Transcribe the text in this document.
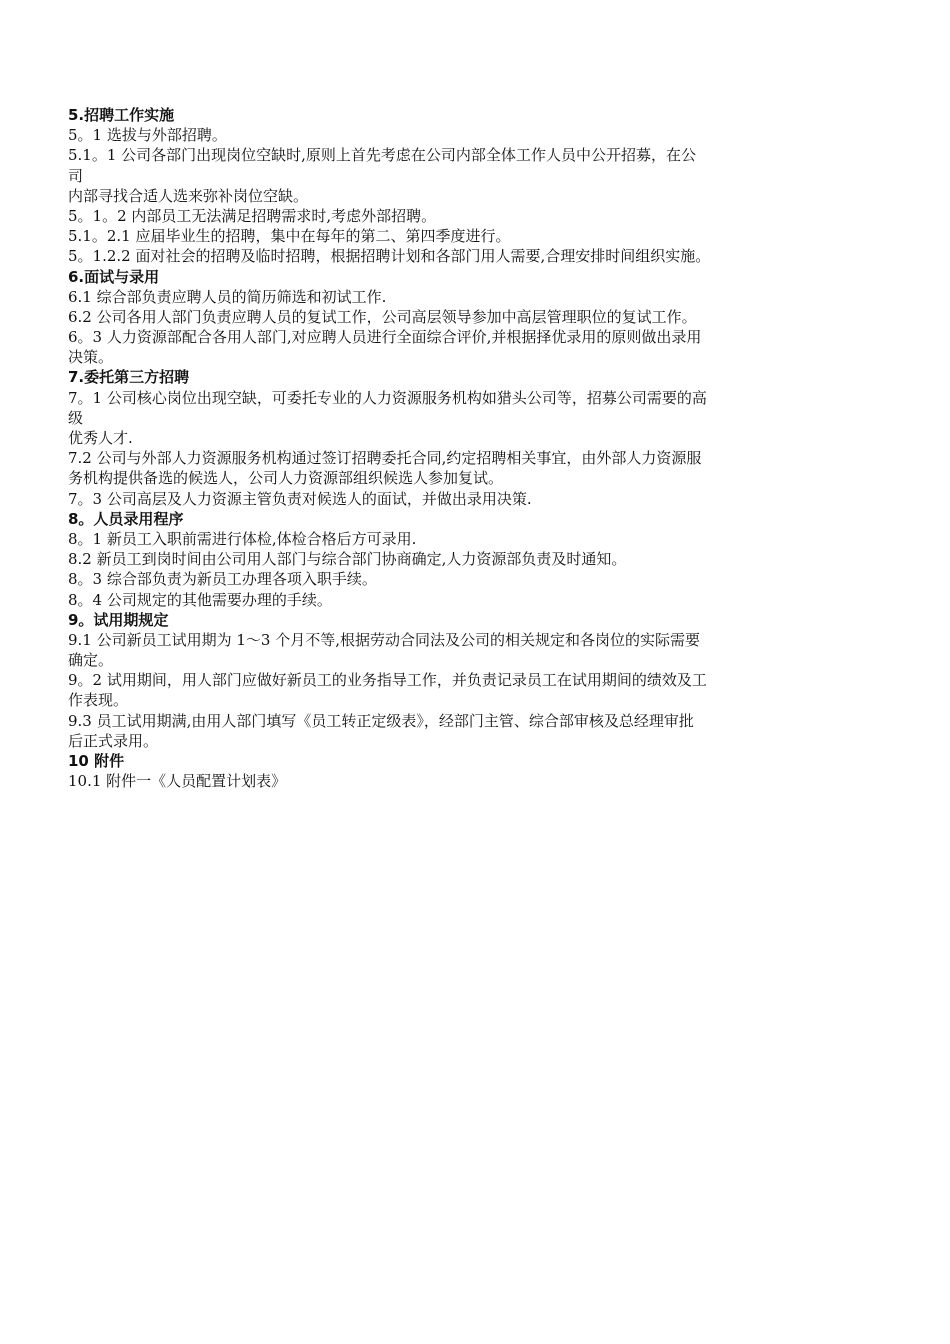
5.招聘工作实施
5。1 选拔与外部招聘。
5.1。1 公司各部门出现岗位空缺时,原则上首先考虑在公司内部全体工作人员中公开招募，在公
司
内部寻找合适人选来弥补岗位空缺。
5。1。2 内部员工无法满足招聘需求时,考虑外部招聘。
5.1。2.1 应届毕业生的招聘，集中在每年的第二、第四季度进行。
5。1.2.2 面对社会的招聘及临时招聘，根据招聘计划和各部门用人需要,合理安排时间组织实施。
6.面试与录用
6.1 综合部负责应聘人员的简历筛选和初试工作.
6.2 公司各用人部门负责应聘人员的复试工作，公司高层领导参加中高层管理职位的复试工作。
6。3 人力资源部配合各用人部门,对应聘人员进行全面综合评价,并根据择优录用的原则做出录用
决策。
7.委托第三方招聘
7。1 公司核心岗位出现空缺，可委托专业的人力资源服务机构如猎头公司等，招募公司需要的高
级
优秀人才.
7.2 公司与外部人力资源服务机构通过签订招聘委托合同,约定招聘相关事宜，由外部人力资源服
务机构提供备选的候选人，公司人力资源部组织候选人参加复试。
7。3 公司高层及人力资源主管负责对候选人的面试，并做出录用决策.
8。人员录用程序
8。1 新员工入职前需进行体检,体检合格后方可录用.
8.2 新员工到岗时间由公司用人部门与综合部门协商确定,人力资源部负责及时通知。
8。3 综合部负责为新员工办理各项入职手续。
8。4 公司规定的其他需要办理的手续。
9。试用期规定
9.1 公司新员工试用期为 1～3 个月不等,根据劳动合同法及公司的相关规定和各岗位的实际需要
确定。
9。2 试用期间，用人部门应做好新员工的业务指导工作，并负责记录员工在试用期间的绩效及工
作表现。
9.3 员工试用期满,由用人部门填写《员工转正定级表》，经部门主管、综合部审核及总经理审批
后正式录用。
10 附件
10.1 附件一《人员配置计划表》
